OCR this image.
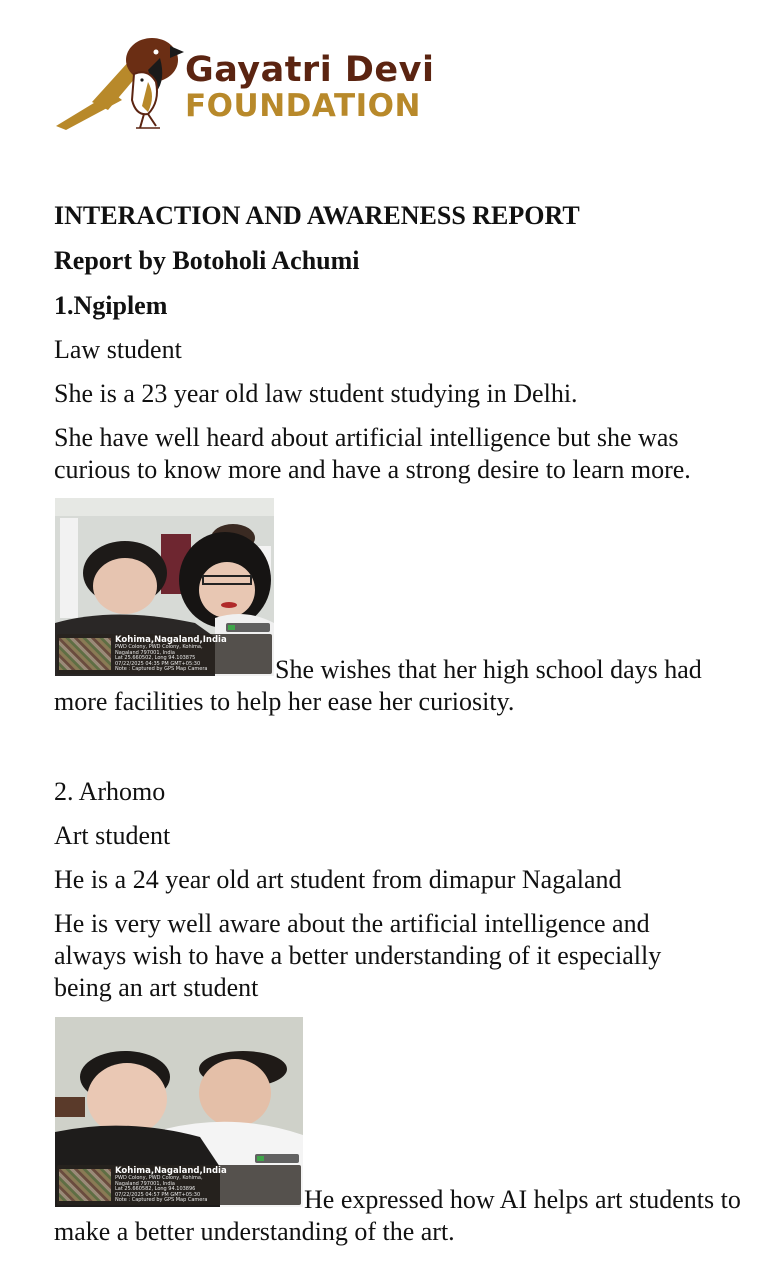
Gayatri Devi
FOUNDATION
INTERACTION AND AWARENESS REPORT
Report by Botoholi Achumi
1.Ngiplem
Law student
She is a 23 year old law student studying in Delhi.
She have well heard about artificial intelligence but she was curious to know more and have a strong desire to learn more.
Kohima,Nagaland,India
PWD Colony, PWD Colony, Kohima,
Nagaland 797001, India
Lat 25.660502, Long 94.103875
07/22/2025 04:35 PM GMT+05:30
Note : Captured by GPS Map Camera	She wishes that her high school days had more facilities to help her ease her curiosity.
2. Arhomo
Art student
He is a 24 year old art student from dimapur Nagaland
He is very well aware about the artificial intelligence and always wish to have a better understanding of it especially being an art student
Kohima,Nagaland,India
PWD Colony, PWD Colony, Kohima,
Nagaland 797001, India
Lat 25.660582, Long 94.103896
07/22/2025 04:57 PM GMT+05:30
Note : Captured by GPS Map Camera	He expressed how AI helps art students to make a better understanding of the art.
